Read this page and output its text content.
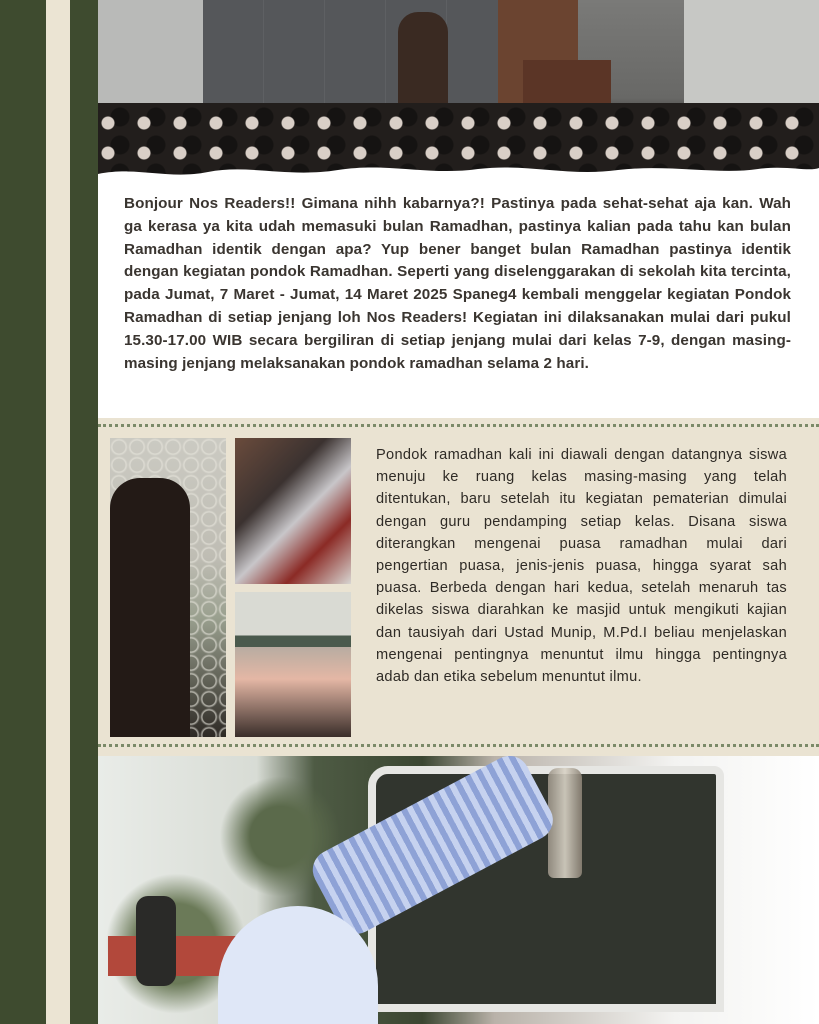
Bonjour Nos Readers!! Gimana nihh kabarnya?! Pastinya pada sehat-sehat aja kan. Wah ga kerasa ya kita udah memasuki bulan Ramadhan, pastinya kalian pada tahu kan bulan Ramadhan identik dengan apa? Yup bener banget bulan Ramadhan pastinya identik dengan kegiatan pondok Ramadhan. Seperti yang diselenggarakan di sekolah kita tercinta, pada Jumat, 7 Maret - Jumat, 14 Maret 2025 Spaneg4 kembali menggelar kegiatan Pondok Ramadhan di setiap jenjang loh Nos Readers! Kegiatan ini dilaksanakan mulai dari pukul 15.30-17.00 WIB secara bergiliran di setiap jenjang mulai dari kelas 7-9, dengan masing-masing jenjang melaksanakan pondok ramadhan selama 2 hari.

Pondok ramadhan kali ini diawali dengan datangnya siswa menuju ke ruang kelas masing-masing yang telah ditentukan, baru setelah itu kegiatan pematerian dimulai dengan guru pendamping setiap kelas. Disana siswa diterangkan mengenai puasa ramadhan mulai dari pengertian puasa, jenis-jenis puasa, hingga syarat sah puasa. Berbeda dengan hari kedua, setelah menaruh tas dikelas siswa diarahkan ke masjid untuk mengikuti kajian dan tausiyah dari Ustad Munip, M.Pd.I beliau menjelaskan mengenai pentingnya menuntut ilmu hingga pentingnya adab dan etika sebelum menuntut ilmu.
